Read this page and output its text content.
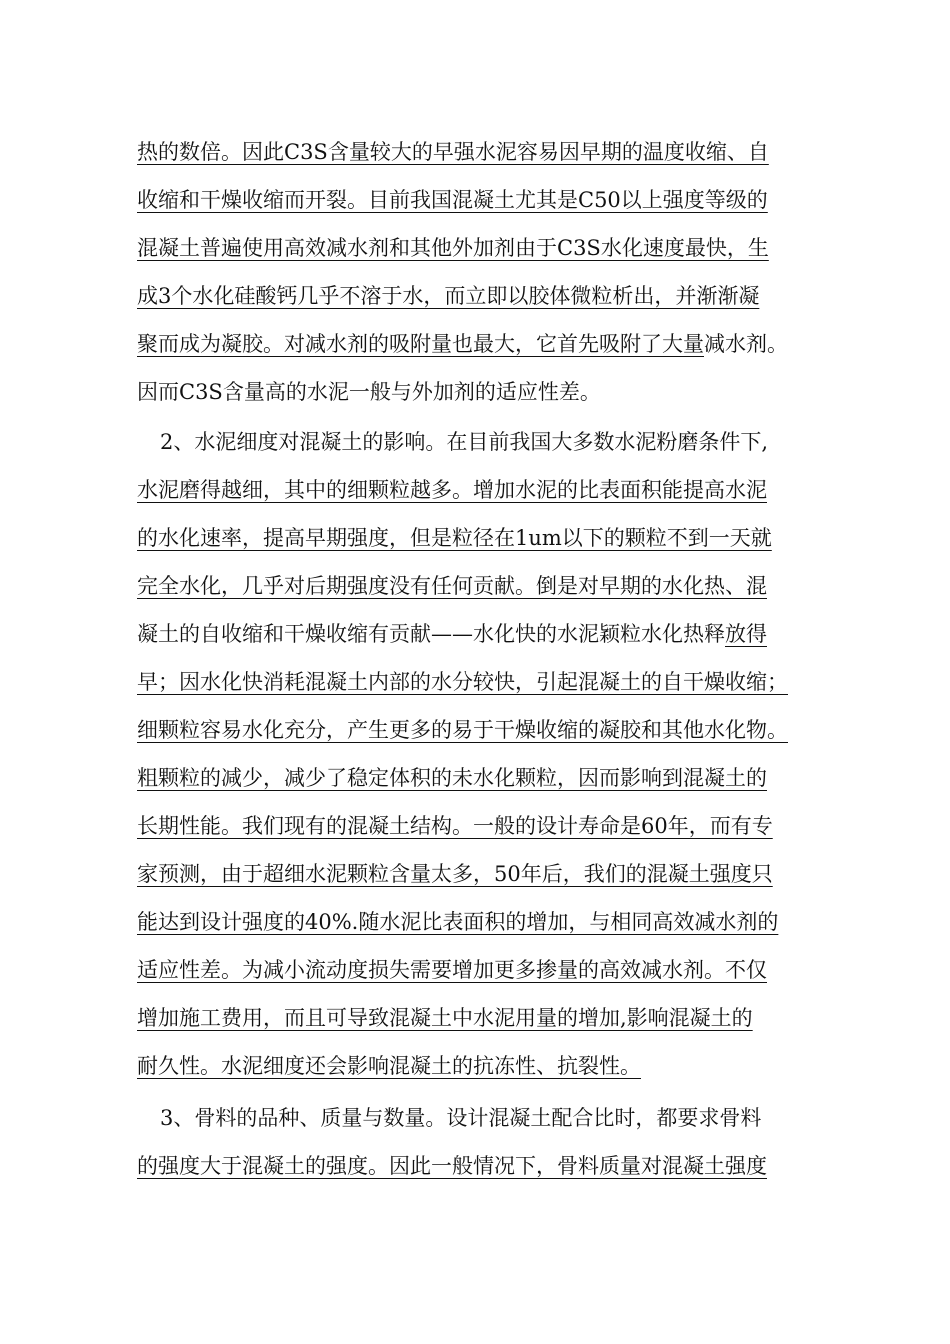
热的数倍。因此C3S含量较大的早强水泥容易因早期的温度收缩、自
收缩和干燥收缩而开裂。目前我国混凝土尤其是C50以上强度等级的
混凝土普遍使用高效减水剂和其他外加剂由于C3S水化速度最快，生
成3个水化硅酸钙几乎不溶于水，而立即以胶体微粒析出，并渐渐凝
聚而成为凝胶。对减水剂的吸附量也最大，它首先吸附了大量减水剂。
因而C3S含量高的水泥一般与外加剂的适应性差。
2、水泥细度对混凝土的影响。在目前我国大多数水泥粉磨条件下,
水泥磨得越细，其中的细颗粒越多。增加水泥的比表面积能提高水泥
的水化速率，提高早期强度，但是粒径在1um以下的颗粒不到一天就
完全水化，几乎对后期强度没有任何贡献。倒是对早期的水化热、混
凝土的自收缩和干燥收缩有贡献——水化快的水泥颖粒水化热释放得
早；因水化快消耗混凝土内部的水分较快，引起混凝土的自干燥收缩；
细颗粒容易水化充分，产生更多的易于干燥收缩的凝胶和其他水化物。
粗颗粒的减少，减少了稳定体积的未水化颗粒，因而影响到混凝土的
长期性能。我们现有的混凝土结构。一般的设计寿命是60年，而有专
家预测，由于超细水泥颗粒含量太多，50年后，我们的混凝土强度只
能达到设计强度的40%.随水泥比表面积的增加，与相同高效减水剂的
适应性差。为减小流动度损失需要增加更多掺量的高效减水剂。不仅
增加施工费用，而且可导致混凝土中水泥用量的增加,影响混凝土的
耐久性。水泥细度还会影响混凝土的抗冻性、抗裂性。
3、骨料的品种、质量与数量。设计混凝土配合比时，都要求骨料
的强度大于混凝土的强度。因此一般情况下，骨料质量对混凝土强度
